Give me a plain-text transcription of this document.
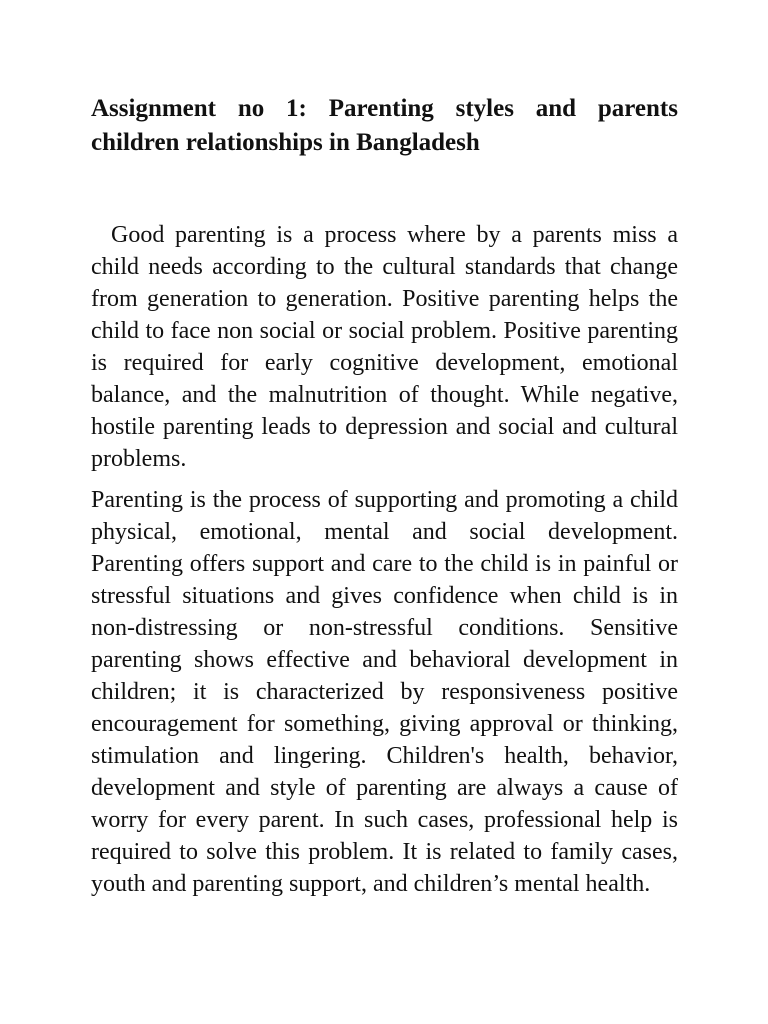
Assignment no 1: Parenting styles and parents children relationships in Bangladesh

Good parenting is a process where by a parents miss a child needs according to the cultural standards that change from generation to generation. Positive parenting helps the child to face non social or social problem. Positive parenting is required for early cognitive development, emotional balance, and the malnutrition of thought. While negative, hostile parenting leads to depression and social and cultural problems.

Parenting is the process of supporting and promoting a child physical, emotional, mental and social development. Parenting offers support and care to the child is in painful or stressful situations and gives confidence when child is in non-distressing or non-stressful conditions. Sensitive parenting shows effective and behavioral development in children; it is characterized by responsiveness positive encouragement for something, giving approval or thinking, stimulation and lingering. Children's health, behavior, development and style of parenting are always a cause of worry for every parent. In such cases, professional help is required to solve this problem. It is related to family cases, youth and parenting support, and children’s mental health.
